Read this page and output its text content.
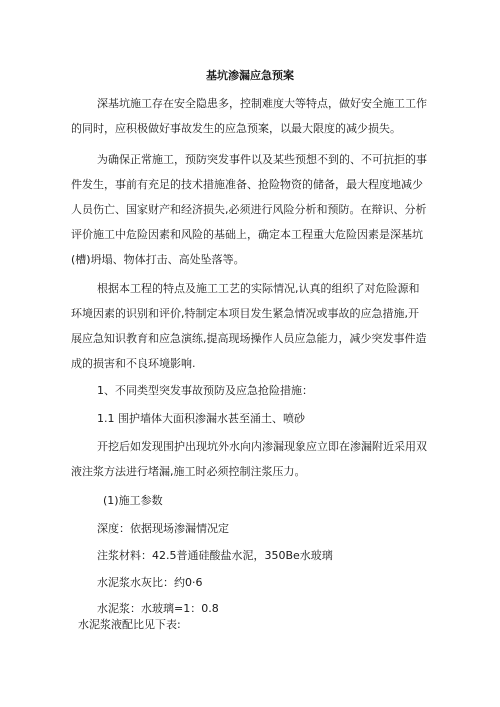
基坑渗漏应急预案
深基坑施工存在安全隐患多，控制难度大等特点，做好安全施工工作
的同时，应积极做好事故发生的应急预案，以最大限度的减少损失。
为确保正常施工，预防突发事件以及某些预想不到的、不可抗拒的事
件发生，事前有充足的技术措施准备、抢险物资的储备，最大程度地减少
人员伤亡、国家财产和经济损失,必须进行风险分析和预防。在辩识、分析
评价施工中危险因素和风险的基础上，确定本工程重大危险因素是深基坑
(槽)坍塌、物体打击、高处坠落等。
根据本工程的特点及施工工艺的实际情况,认真的组织了对危险源和
环境因素的识别和评价,特制定本项目发生紧急情况或事故的应急措施,开
展应急知识教育和应急演练,提高现场操作人员应急能力，减少突发事件造
成的损害和不良环境影响.
1、不同类型突发事故预防及应急抢险措施：
1.1 围护墙体大面积渗漏水甚至涌土、喷砂
开挖后如发现围护出现坑外水向内渗漏现象应立即在渗漏附近采用双
液注浆方法进行堵漏,施工时必须控制注浆压力。
(1)施工参数
深度：依据现场渗漏情况定
注浆材料：42.5普通硅酸盐水泥，350Be水玻璃
水泥浆水灰比：约0·6
水泥浆：水玻璃=1：0.8
水泥浆液配比见下表:
